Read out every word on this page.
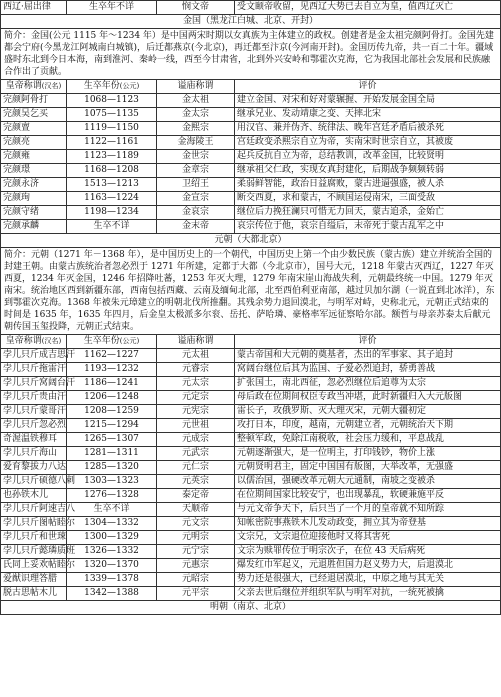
西辽·屈出律	生卒年不详	悯文帝	受文颐帝收留，见西辽大势已去自立为皇，值西辽灭亡
金国（黑龙江白城、北京、开封）			
简介：金国(公元 1115 年～1234 年）是中国两宋时期以女真族为主体建立的政权。创建者是金太祖完颜阿骨打。金国先建都会宁府(今黑龙江阿城南白城镇)，后迁都燕京(今北京)，再迁都至汴京(今河南开封)。金国历传九帝，共一百二十年。疆域盛时东北到今日本海，南到淮河、秦岭一线，西至今甘肃省，北到外兴安岭和鄂霍次克海，它为我国北部社会发展和民族融合作出了贡献。			
皇帝称谓(汉名)	生卒年份(公元)	谥庙称谓	评价
完颜阿骨打	1068—1123	金太祖	建立金国、对宋和好对蒙辗握、开始发展金国全局
完颜吴乞买	1075—1135	金太宗	继承兄业、发动靖康之变、天摔北宋
完颜亶	1119—1150	金熙宗	用汉官、兼并伪齐、统律法、晚年宫廷矛盾后被杀死
完颜亮	1122—1161	金海陵王	宫廷政变杀熙宗自立为帝，实南宋时世宗自立，其被废
完颜雍	1123—1189	金世宗	起兵反抗自立为帝，总结教训，改革金国，比较贤明
完颜璟	1168—1208	金章宗	继承祖父仁政，实现女真封建化，后期战争频频转弱
完颜永济	1513—1213	卫绍王	柔弱鲜智能，政治日益腐败，蒙古进逼强盛，被人杀
完颜珣	1163—1224	金宣宗	断交西夏，求和蒙古，不顾国运侵南宋，三面受敌
完颜守绪	1198—1234	金哀宗	继位后力挽狂澜只可惜无力回天，蒙古追杀，金始亡
完颜承麟	生卒不详	金末帝	哀宗传位于他，哀宗自缢后，末帝死于蒙古乱军之中
元朝（大都北京）			
简介：元朝（1271 年－1368 年），是中国历史上的一个朝代，中国历史上第一个由少数民族（蒙古族）建立并统治全国的封建王朝。由蒙古族统治者忽必烈于 1271 年所建，定都于大都（今北京市），国号大元，1218 年蒙古灭西辽，1227 年灭西夏，1234 年灭金国，1246 年招降吐蕃，1253 年灭大理，1279 年南宋崖山海战失利，元朝最终统一中国。1279 年灭南宋。统治地区西到新疆东部，西南包括西藏、云南及缅甸北部，北至西伯利亚南部，越过贝加尔湖（一说直到北冰洋），东到鄂霍次克海。1368 年被朱元璋建立的明朝北伐所推翻。其残余势力退回漠北，与明军对峙，史称北元，元朝正式结束的时间是 1635 年，1635 年四月，后金皇太极派多尔衮、岳托、萨哈璘、豪格率军远征察哈尔部。额哲与母亲苏泰太后献元朝传国玉玺投降，元朝正式结束。			
皇帝称谓(汉名)	生卒年份(公元)	谥庙称谓	评价
孛儿只斤成吉思汗	1162—1227	元太祖	蒙古帝国和大元朝的奠基者，杰出的军事家、其子追封
孛儿只斤拖雷汗	1193—1232	元睿宗	窝阔台继位后其为监国、子爱必烈追封，骄勇善战
孛儿只斤窝阔台汗	1186—1241	元太宗	扩张国土，南北西征，忽必烈继位后追尊为太宗
孛儿只斤贵由汗	1206—1248	元定宗	母后政在位期间权臣专政当冲堪，此时新疆归入大元版图
孛儿只斤蒙哥汗	1208—1259	元宪宗	雷长子，攻俄罗斯、灭大理灭宋，元朝大疆初定
孛儿只斤忽必烈	1215—1294	元世祖	攻打日本，印度，越南，元朝建立者，元朝统治天下期
奇渥温铁穆耳	1265—1307	元成宗	整顿军政，免除江南税收，社会压力缓和，平息战乱
孛儿只斤海山	1281—1311	元武宗	元朝逐渐强大，是一位明主，打印钱钞，物价上涨
爱育黎拔力八达	1285—1320	元仁宗	元朝贤明君主，固定中国国有版图，大举改革，无强盛
孛儿只斤硕德八刺	1303—1323	元英宗	以儒治国，强硬改革元朝大元通制，南坡之变被杀
也孙铁木儿	1276—1328	泰定帝	在位期间国家比较安宁，也出现暴乱，软硬兼施平反
孛儿只斤阿速吉八	生卒不详	天顺帝	与元文帝争天下，后只当了一个月的皇帝就不知所踪
孛儿只斤图帖睦尔	1304—1332	元文宗	知帐密院事燕铁木儿发动政变，拥立其为帝登基
孛儿只斤和世㻋	1300—1329	元明宗	文宗兄，文宗退位迎接他时又将其害死
孛儿只斤懿璘质班	1326—1332	元宁宗	文宗为赎罪传位于明宗次子，在位 43 天后病死
氏同上妥欢帖睦尔	1320—1370	元惠宗	爆发红巾军起义，元退胜但国力赵义势力大，后退漠北
爱猷识理答腊	1339—1378	元昭宗	势力还是很强大，已经退居漠北，中原之地与其无关
脱古思帖木儿	1342—1388	元平宗	父亲去世后继位并组织军队与明军对抗，一统死被擒
明朝（南京、北京）			
